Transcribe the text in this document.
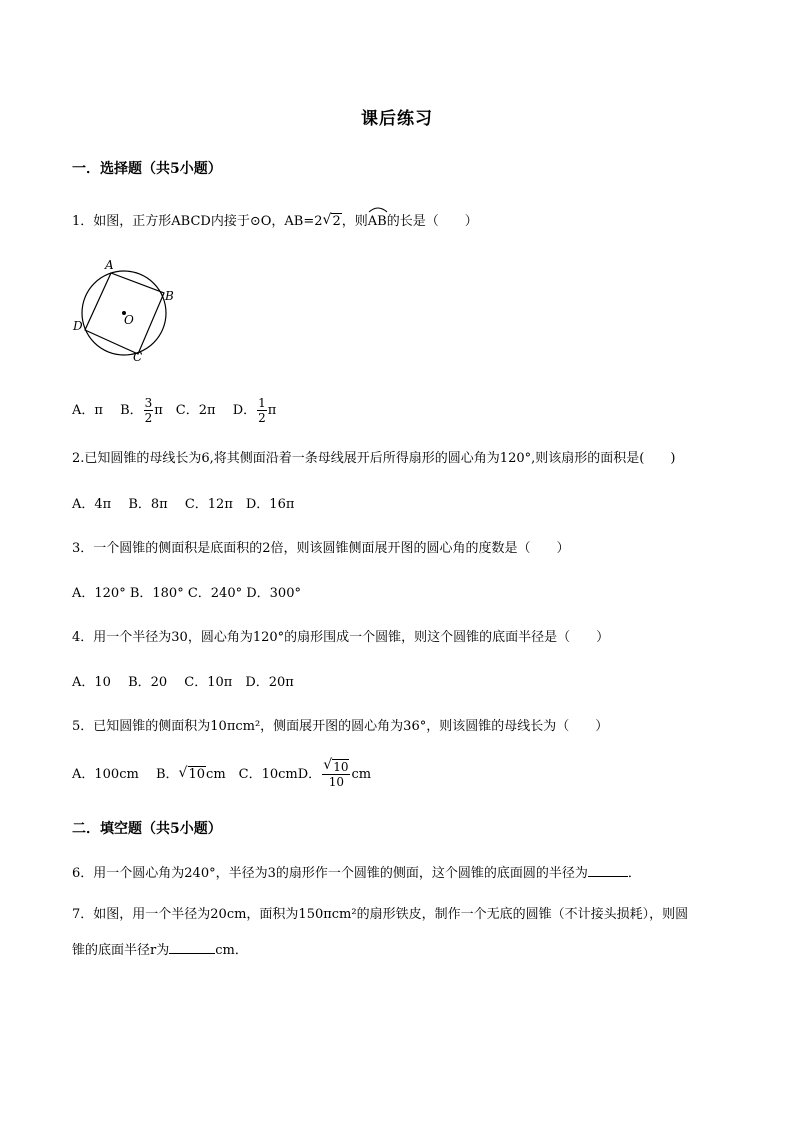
课后练习
一．选择题（共5小题）
1．如图，正方形ABCD内接于⊙O，AB=2 √ 2，则
AB的长是（　　）
A
B
C
D	O
A．π　 B． $\frac{3}{2}$ π　C．2π　 D． $\frac{1}{2}$ π
2.已知圆锥的母线长为6,将其侧面沿着一条母线展开后所得扇形的圆心角为120°,则该扇形的面积是(　　)
A．4π　 B．8π　 C．12π　D．16π
3．一个圆锥的侧面积是底面积的2倍，则该圆锥侧面展开图的圆心角的度数是（　　）
A．120° B．180° C．240° D．300°
4．用一个半径为30，圆心角为120°的扇形围成一个圆锥，则这个圆锥的底面半径是（　　）
A．10　 B．20　 C．10π　D．20π
5．已知圆锥的侧面积为10πcm²，侧面展开图的圆心角为36°，则该圆锥的母线长为（　　）
A．100cm　 B． √ 10cm　C．10cmD． $\frac{√ 10}{10}$ cm
二．填空题（共5小题）
6．用一个圆心角为240°，半径为3的扇形作一个圆锥的侧面，这个圆锥的底面圆的半径为	．
7．如图，用一个半径为20cm，面积为150πcm²的扇形铁皮，制作一个无底的圆锥（不计接头损耗），则圆
锥的底面半径r为	cm．
